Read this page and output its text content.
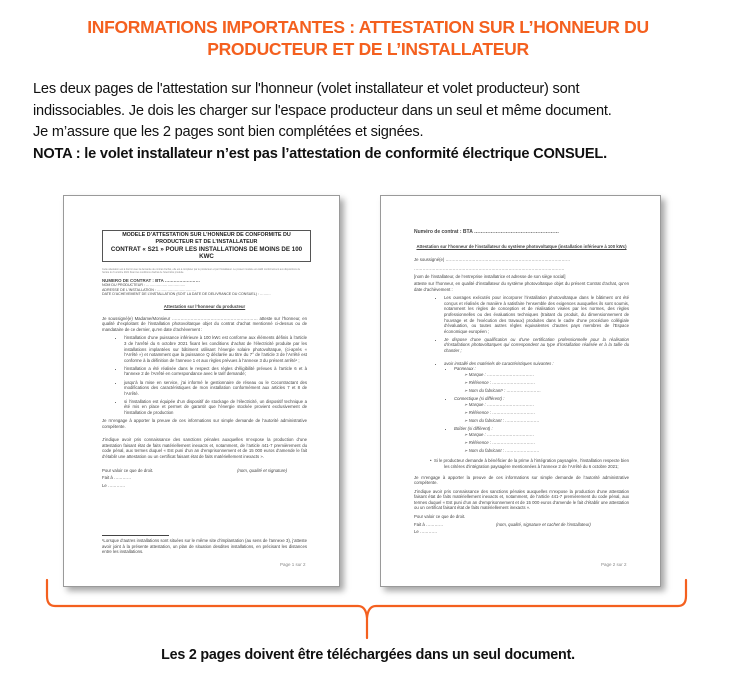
INFORMATIONS IMPORTANTES : ATTESTATION SUR L’HONNEUR DU
PRODUCTEUR ET DE L’INSTALLATEUR

Les deux pages de l'attestation sur l'honneur (volet installateur et volet producteur) sont

indissociables. Je dois les charger sur l'espace producteur dans un seul et même document.

Je m’assure que les 2 pages sont bien complétées et signées.

NOTA : le volet installateur n’est pas l’attestation de conformité électrique CONSUEL.

MODELE D’ATTESTATION SUR L’HONNEUR DE CONFORMITE DU
PRODUCTEUR ET DE L’INSTALLATEUR
CONTRAT « S21 » POUR LES INSTALLATIONS DE MOINS DE 100
KWC
Cette attestation est à fournir avec la demande de contrat d'achat, elle est à compléter par le producteur et par l'installateur. Le présent modèle est établi conformément aux dispositions de l'arrêté du 6 octobre 2021 fixant les conditions d'achat de l'électricité produite.
NUMERO DE CONTRAT : BTA ……………………
NOM DU PRODUCTEUR : ……………………………
ADRESSE DE L’INSTALLATION : ……………………………
DATE D’ACHEVEMENT DE L’INSTALLATION (SOIT LA DATE DE DELIVRANCE DU CONSUEL) : ………

Attestation sur l’honneur du producteur

Je soussigné(e) Madame/Monsieur …………………………………………………… atteste sur l’honneur, en qualité d’exploitant de l’installation photovoltaïque objet du contrat d’achat mentionné ci-dessus ou de mandataire de ce dernier, qu’en date d’achèvement :

• l’installation d’une puissance inférieure à 100 kWc est conforme aux éléments définis à l’article 3 de l’arrêté du 6 octobre 2021 fixant les conditions d’achat de l’électricité produite par les installations implantées sur bâtiment utilisant l’énergie solaire photovoltaïque, (ci-après « l’Arrêté ») et notamment que la puissance Q déclarée au titre du 7° de l’article 3 de l’Arrêté est conforme à la définition de l’annexe 1 et aux règles prévues à l’annexe 3 du présent arrêté¹ ;
• l’installation a été réalisée dans le respect des règles d’éligibilité prévues à l’article 6 et à l’annexe 2 de l’Arrêté en correspondance avec le tarif demandé;
• jusqu’à la mise en service, j’ai informé le gestionnaire de réseau ou le Cocontractant des modifications des caractéristiques de mon installation conformément aux articles 7 et 8 de l’Arrêté.
• si l’installation est équipée d’un dispositif de stockage de l’électricité, un dispositif technique a été mis en place et permet de garantir que l’énergie stockée provient exclusivement de l’installation de production

Je m’engage à apporter la preuve de ces informations sur simple demande de l’autorité administrative compétente.

J’indique avoir pris connaissance des sanctions pénales auxquelles m’expose la production d’une attestation faisant état de faits matériellement inexacts et, notamment, de l’article 441-7 premièrement du code pénal, aux termes duquel « Est puni d’un an d’emprisonnement et de 15 000 euros d’amende le fait d’établir une attestation ou un certificat faisant état de faits matériellement inexacts ».

Pour valoir ce que de droit.	(nom, qualité et signature)
Fait à …………
Le …………

¹Lorsque d’autres installations sont situées sur le même site d’implantation (au sens de l’annexe 3), j’atteste avoir joint à la présente attestation, un plan de situation desdites installations, en précisant les distances entre les installations.

Page 1 sur 2
Numéro de contrat : BTA ……………………………………………

Attestation sur l’honneur de l’installateur du système photovoltaïque (installation inférieure à 100 kWc)

Je soussigné(e) ……………………………………………………………………………

……………………………………………………………………………………………

[nom de l’installateur, de l’entreprise installatrice et adresse de son siège social]

atteste sur l’honneur, en qualité d’installateur du système photovoltaïque objet du présent Contrat d’achat, qu’en date d’achèvement :

• Les ouvrages exécutés pour incorporer l’installation photovoltaïque dans le bâtiment ont été conçus et réalisés de manière à satisfaire l’ensemble des exigences auxquelles ils sont soumis, notamment les règles de conception et de réalisation visées par les normes, des règles professionnelles ou des évaluations techniques (traitant du produit, du dimensionnement de l’ouvrage et de l’exécution des travaux) produites dans le cadre d’une procédure collégiale d’évaluation, ou toutes autres règles équivalentes d’autres pays membres de l’Espace économique européen ;
• Je dispose d’une qualification ou d’une certification professionnelle pour la réalisation d’installations photovoltaïques qui correspondent au type d’installation réalisée et à la taille du chantier ;
• avoir installé des matériels de caractéristiques suivantes :
• Panneaux :
➢ Marque : ……………………………
➢ Référence : …………………………
➢ Nom du fabricant¹ : ……………………
• Connectique (si différent) :
➢ Marque : ……………………………
➢ Référence : …………………………
➢ Nom du fabricant : ……………………
• Boîtier (si différent) :
➢ Marque : ……………………………
➢ Référence : …………………………
➢ Nom du fabricant : ……………………
•  Si le producteur demande à bénéficier de la prime à l’intégration paysagère, l’installation respecte bien les critères d’intégration paysagère mentionnées à l’annexe 2 de l’Arrêté du 6 octobre 2021;

Je m’engage à apporter la preuve de ces informations sur simple demande de l’autorité administrative compétente.

J’indique avoir pris connaissance des sanctions pénales auxquelles m’expose la production d’une attestation faisant état de faits matériellement inexacts et, notamment, de l’article 441-7 premièrement du code pénal, aux termes duquel « Est puni d’un an d’emprisonnement et de 15 000 euros d’amende le fait d’établir une attestation ou un certificat faisant état de faits matériellement inexacts ».

Pour valoir ce que de droit.
Fait à …………	(nom, qualité, signature et cachet de l’installateur)
Le …………
Page 2 sur 2
Les 2 pages doivent être téléchargées dans un seul document.
